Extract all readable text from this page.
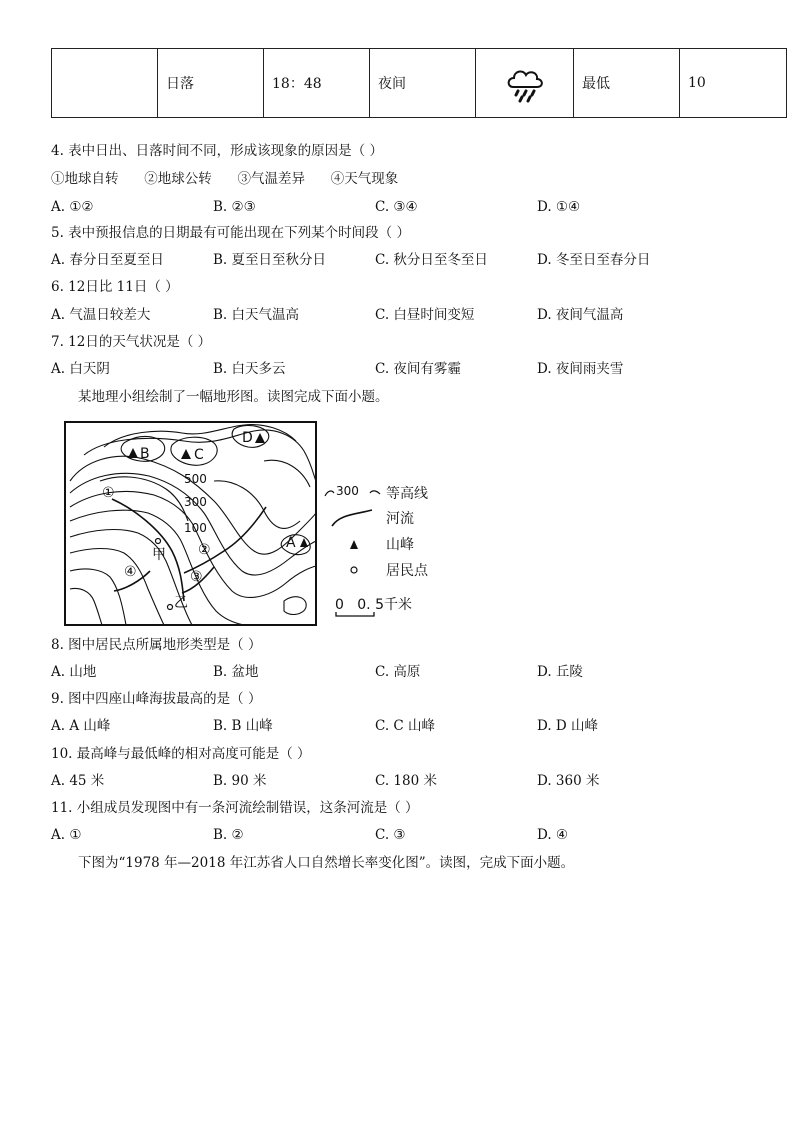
	日落	18：48	夜间		最低	10
4. 表中日出、日落时间不同，形成该现象的原因是（ ）
①地球自转      ②地球公转      ③气温差异      ④天气现象
A. ①②	B. ②③	C. ③④	D. ①④
5. 表中预报信息的日期最有可能出现在下列某个时间段（ ）
A. 春分日至夏至日	B. 夏至日至秋分日	C. 秋分日至冬至日	D. 冬至日至春分日
6. 12日比 11日（ ）
A. 气温日较差大	B. 白天气温高	C. 白昼时间变短	D. 夜间气温高
7. 12日的天气状况是（ ）
A. 白天阴	B. 白天多云	C. 夜间有雾霾	D. 夜间雨夹雪
某地理小组绘制了一幅地形图。读图完成下面小题。
B	C
D
A
500
300
100
①
②
③
④
甲
乙
300 等高线
河流
山峰
居民点
0   0. 5千米
8. 图中居民点所属地形类型是（ ）
A. 山地	B. 盆地	C. 高原	D. 丘陵
9. 图中四座山峰海拔最高的是（ ）
A. A 山峰	B. B 山峰	C. C 山峰	D. D 山峰
10. 最高峰与最低峰的相对高度可能是（ ）
A. 45 米	B. 90 米	C. 180 米	D. 360 米
11. 小组成员发现图中有一条河流绘制错误，这条河流是（ ）
A. ①	B. ②	C. ③	D. ④
下图为“1978 年—2018 年江苏省人口自然增长率变化图”。读图，完成下面小题。
